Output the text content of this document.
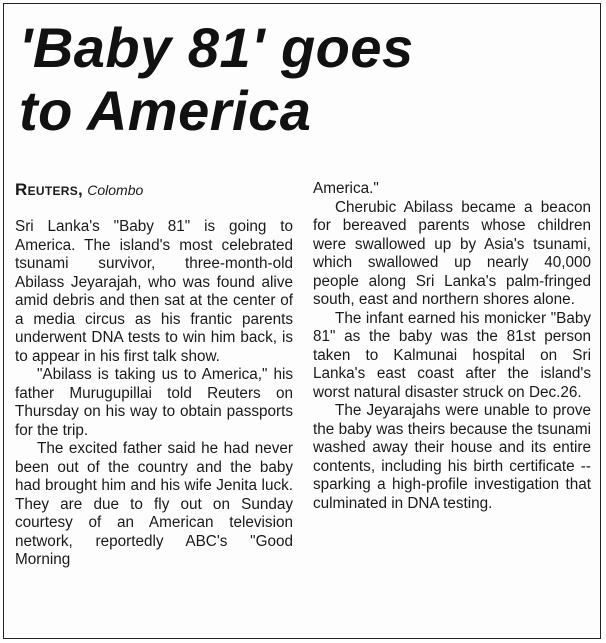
'Baby 81' goes
to America
Reuters, Colombo

Sri Lanka's "Baby 81" is going to America. The island's most celebrated tsunami survivor, three-month-old Abilass Jeyarajah, who was found alive amid debris and then sat at the center of a media circus as his frantic parents underwent DNA tests to win him back, is to appear in his first talk show.

"Abilass is taking us to America," his father Murugupillai told Reuters on Thursday on his way to obtain passports for the trip.

The excited father said he had never been out of the country and the baby had brought him and his wife Jenita luck. They are due to fly out on Sunday courtesy of an American television network, reportedly ABC's "Good Morning

America."

Cherubic Abilass became a beacon for bereaved parents whose children were swallowed up by Asia's tsunami, which swallowed up nearly 40,000 people along Sri Lanka's palm-fringed south, east and northern shores alone.

The infant earned his monicker "Baby 81" as the baby was the 81st person taken to Kalmunai hospital on Sri Lanka's east coast after the island's worst natural disaster struck on Dec.26.

The Jeyarajahs were unable to prove the baby was theirs because the tsunami washed away their house and its entire contents, including his birth certificate -- sparking a high-profile investigation that culminated in DNA testing.
